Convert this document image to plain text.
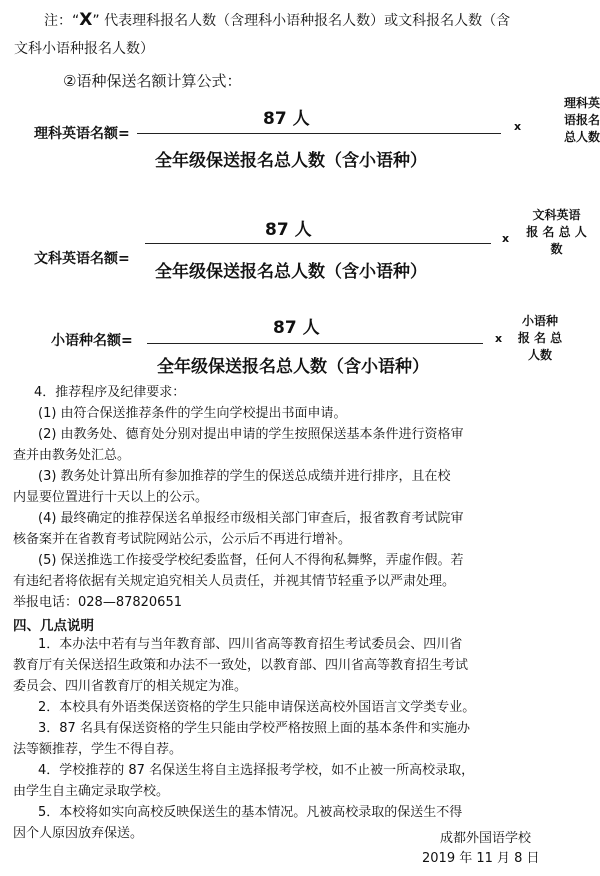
注：“X” 代表理科报名人数（含理科小语种报名人数）或文科报名人数（含
文科小语种报名人数）
②语种保送名额计算公式：
87 人
理科英语名额=
全年级保送报名总人数（含小语种）
x
理科英
语报名
总人数
87 人
文科英语名额=
全年级保送报名总人数（含小语种）
x
文科英语
报 名 总 人
数
87 人
小语种名额=
全年级保送报名总人数（含小语种）
x
小语种
报 名 总
人数
4．推荐程序及纪律要求：
(1) 由符合保送推荐条件的学生向学校提出书面申请。
(2) 由教务处、德育处分别对提出申请的学生按照保送基本条件进行资格审
查并由教务处汇总。
(3) 教务处计算出所有参加推荐的学生的保送总成绩并进行排序，且在校
内显要位置进行十天以上的公示。
(4) 最终确定的推荐保送名单报经市级相关部门审查后，报省教育考试院审
核备案并在省教育考试院网站公示，公示后不再进行增补。
(5) 保送推选工作接受学校纪委监督，任何人不得徇私舞弊，弄虚作假。若
有违纪者将依据有关规定追究相关人员责任，并视其情节轻重予以严肃处理。
举报电话：028—87820651
四、几点说明
1．本办法中若有与当年教育部、四川省高等教育招生考试委员会、四川省
教育厅有关保送招生政策和办法不一致处，以教育部、四川省高等教育招生考试
委员会、四川省教育厅的相关规定为准。
2．本校具有外语类保送资格的学生只能申请保送高校外国语言文学类专业。
3．87 名具有保送资格的学生只能由学校严格按照上面的基本条件和实施办
法等额推荐，学生不得自荐。
4．学校推荐的 87 名保送生将自主选择报考学校，如不止被一所高校录取，
由学生自主确定录取学校。
5．本校将如实向高校反映保送生的基本情况。凡被高校录取的保送生不得
因个人原因放弃保送。	成都外国语学校
2019 年 11 月 8 日
